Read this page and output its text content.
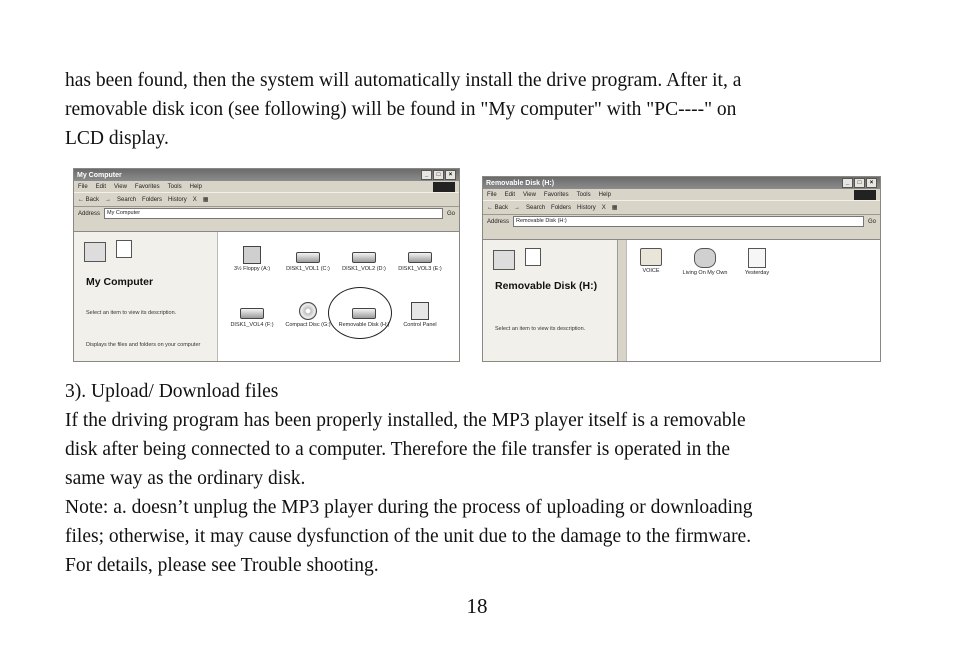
has been found, then the system will automatically install the drive program. After it, a
removable disk icon (see following) will be found in "My computer" with "PC----" on
LCD display.

My Computer	_	□	×
File Edit View Favorites Tools Help
← Back → Search Folders History X ▦
Address	My Computer	Go
My Computer
Select an item to view its description.
Displays the files and folders on your computer
3½ Floppy (A:)	DISK1_VOL1 (C:)	DISK1_VOL2 (D:)	DISK1_VOL3 (E:)
DISK1_VOL4 (F:)	Compact Disc (G:)	Removable Disk (H:)	Control Panel
Removable Disk (H:)	_	□	×
File Edit View Favorites Tools Help
← Back → Search Folders History X ▦
Address	Removable Disk (H:)	Go
Removable Disk (H:)
Select an item to view its description.
VOICE	Living On My Own	Yesterday

3). Upload/ Download files
If the driving program has been properly installed, the MP3 player itself is a removable
disk after being connected to a computer. Therefore the file transfer is operated in the
same way as the ordinary disk.
Note: a. doesn’t unplug the MP3 player during the process of uploading or downloading
files; otherwise, it may cause dysfunction of the unit due to the damage to the firmware.
For details, please see Trouble shooting.

18
